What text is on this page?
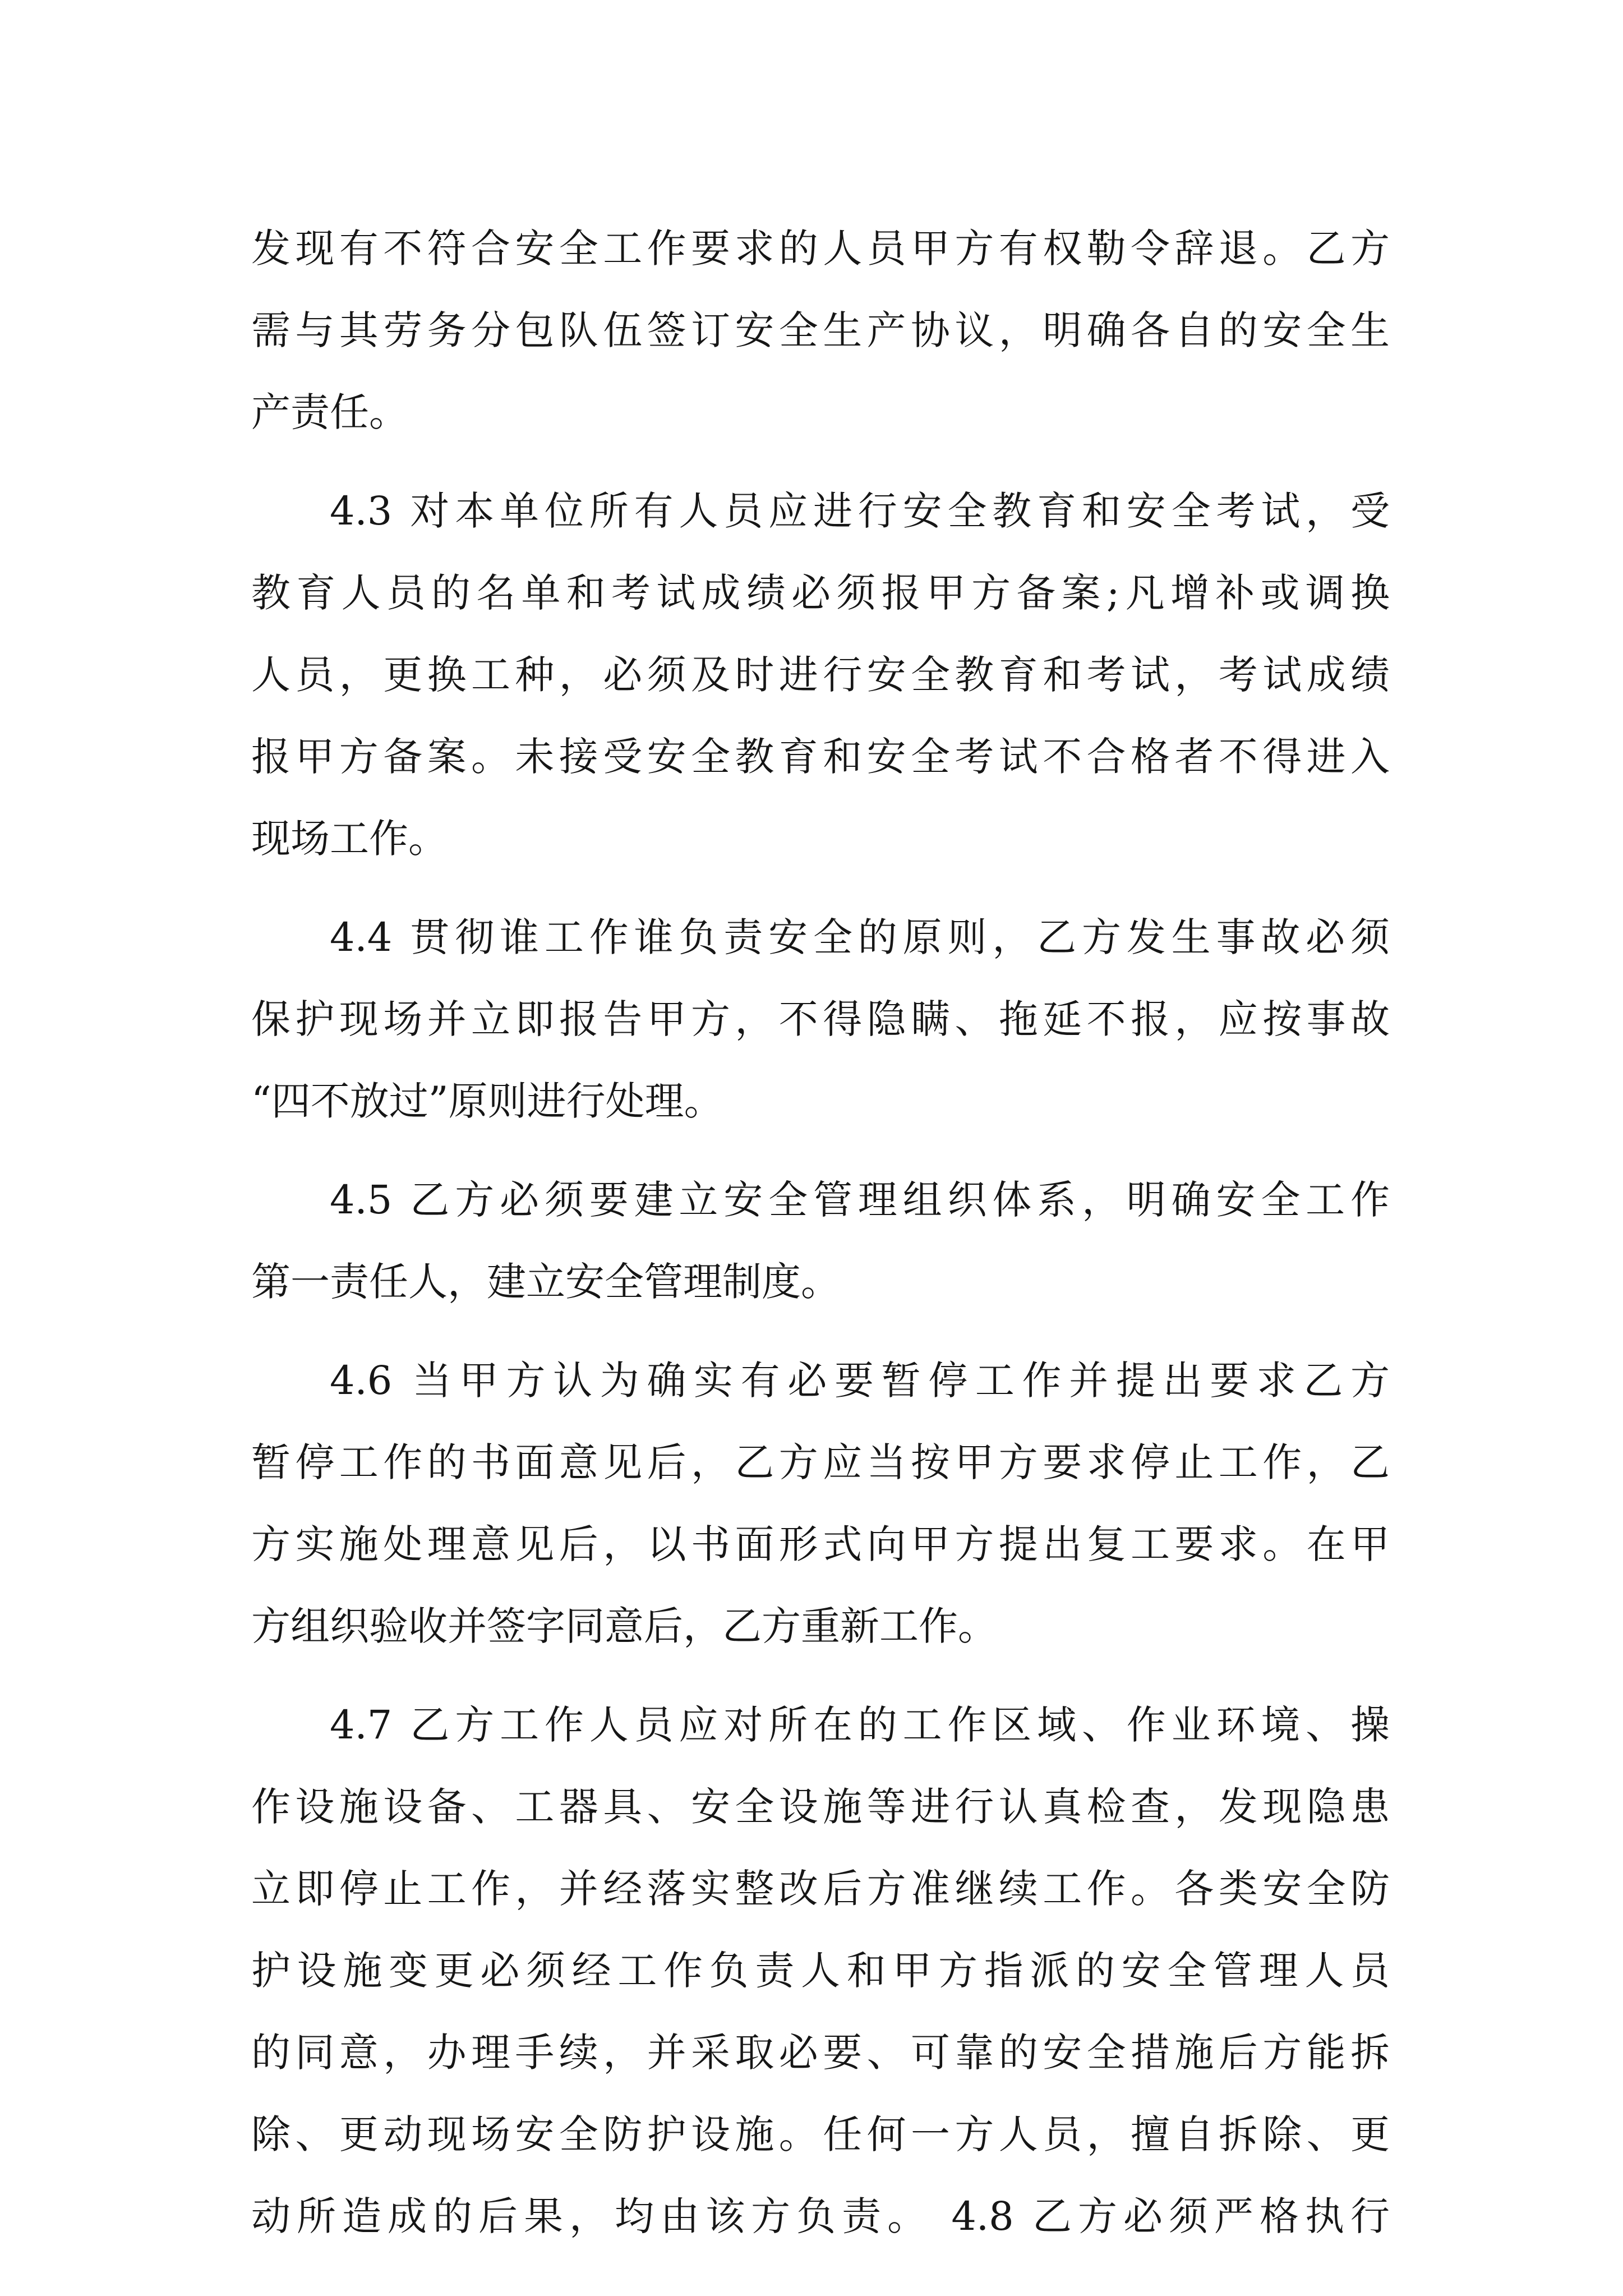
发现有不符合安全工作要求的人员甲方有权勒令辞退。乙方
需与其劳务分包队伍签订安全生产协议，明确各自的安全生
产责任。
4.3 对本单位所有人员应进行安全教育和安全考试，受
教育人员的名单和考试成绩必须报甲方备案;凡增补或调换
人员，更换工种，必须及时进行安全教育和考试，考试成绩
报甲方备案。未接受安全教育和安全考试不合格者不得进入
现场工作。
4.4 贯彻谁工作谁负责安全的原则，乙方发生事故必须
保护现场并立即报告甲方，不得隐瞒、拖延不报，应按事故
“四不放过”原则进行处理。
4.5 乙方必须要建立安全管理组织体系，明确安全工作
第一责任人，建立安全管理制度。
4.6 当甲方认为确实有必要暂停工作并提出要求乙方
暂停工作的书面意见后，乙方应当按甲方要求停止工作，乙
方实施处理意见后，以书面形式向甲方提出复工要求。在甲
方组织验收并签字同意后，乙方重新工作。
4.7 乙方工作人员应对所在的工作区域、作业环境、操
作设施设备、工器具、安全设施等进行认真检查，发现隐患
立即停止工作，并经落实整改后方准继续工作。各类安全防
护设施变更必须经工作负责人和甲方指派的安全管理人员
的同意，办理手续，并采取必要、可靠的安全措施后方能拆
除、更动现场安全防护设施。任何一方人员，擅自拆除、更
动所造成的后果，均由该方负责。 4.8 乙方必须严格执行
